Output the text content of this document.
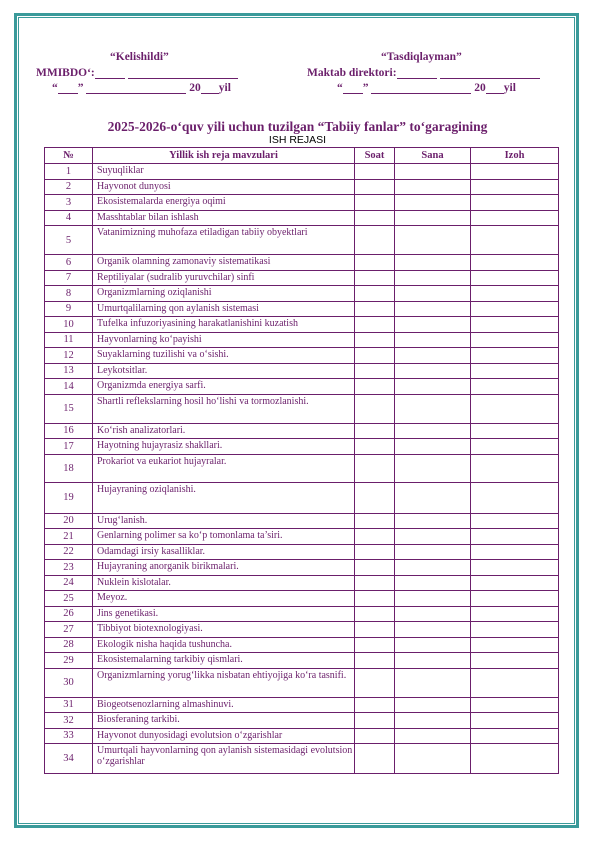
“Kelishildi”
MMIBDO‘:
“ ”	20 yil
“Tasdiqlayman”
Maktab direktori:
“ ”	20 yil
2025-2026-o‘quv yili uchun tuzilgan “Tabiiy fanlar” to‘garagining
ISH REJASI
№	Yillik ish reja mavzulari	Soat	Sana	Izoh
1	Suyuqliklar			
2	Hayvonot dunyosi			
3	Ekosistemalarda energiya oqimi			
4	Masshtablar bilan ishlash			
5	Vatanimizning muhofaza etiladigan tabiiy obyektlari			
6	Organik olamning zamonaviy sistematikasi			
7	Reptiliyalar (sudralib yuruvchilar) sinfi			
8	Organizmlarning oziqlanishi			
9	Umurtqalilarning qon aylanish sistemasi			
10	Tufelka infuzoriyasining harakatlanishini kuzatish			
11	Hayvonlarning ko‘payishi			
12	Suyaklarning tuzilishi va o‘sishi.			
13	Leykotsitlar.			
14	Organizmda energiya sarfi.			
15	Shartli reflekslarning hosil ho‘lishi va tormozlanishi.			
16	Ko‘rish analizatorlari.			
17	Hayotning hujayrasiz shakllari.			
18	Prokariot va eukariot hujayralar.			
19	Hujayraning oziqlanishi.			
20	Urug‘lanish.			
21	Genlarning polimer sa ko‘p tomonlama ta’siri.			
22	Odamdagi irsiy kasalliklar.			
23	Hujayraning anorganik birikmalari.			
24	Nuklein kislotalar.			
25	Meyoz.			
26	Jins genetikasi.			
27	Tibbiyot biotexnologiyasi.			
28	Ekologik nisha haqida tushuncha.			
29	Ekosistemalarning tarkibiy qismlari.			
30	Organizmlarning yorug‘likka nisbatan ehtiyojiga ko‘ra tasnifi.			
31	Biogeotsenozlarning almashinuvi.			
32	Biosferaning tarkibi.			
33	Hayvonot dunyosidagi evolutsion o‘zgarishlar			
34	Umurtqali hayvonlarning qon aylanish sistemasidagi evolutsion o‘zgarishlar			
